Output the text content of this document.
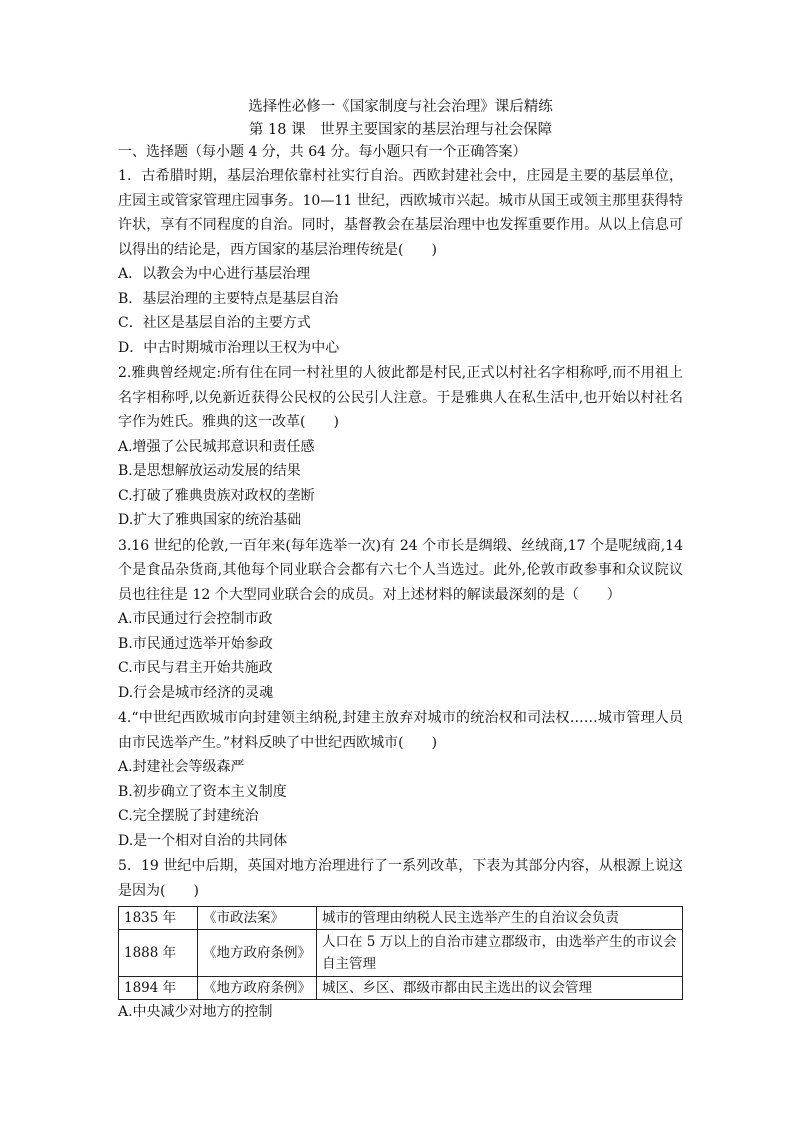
选择性必修一《国家制度与社会治理》课后精练

第 18 课　世界主要国家的基层治理与社会保障

一、选择题（每小题 4 分，共 64 分。每小题只有一个正确答案）

1．古希腊时期，基层治理依靠村社实行自治。西欧封建社会中，庄园是主要的基层单位，庄园主或管家管理庄园事务。10—11 世纪，西欧城市兴起。城市从国王或领主那里获得特许状，享有不同程度的自治。同时，基督教会在基层治理中也发挥重要作用。从以上信息可以得出的结论是，西方国家的基层治理传统是(　　)

A．以教会为中心进行基层治理

B．基层治理的主要特点是基层自治

C．社区是基层自治的主要方式

D．中古时期城市治理以王权为中心

2.雅典曾经规定:所有住在同一村社里的人彼此都是村民,正式以村社名字相称呼,而不用祖上名字相称呼,以免新近获得公民权的公民引人注意。于是雅典人在私生活中,也开始以村社名字作为姓氏。雅典的这一改革(　　)

A.增强了公民城邦意识和责任感

B.是思想解放运动发展的结果

C.打破了雅典贵族对政权的垄断

D.扩大了雅典国家的统治基础

3.16 世纪的伦敦,一百年来(每年选举一次)有 24 个市长是绸缎、丝绒商,17 个是呢绒商,14 个是食品杂货商,其他每个同业联合会都有六七个人当选过。此外,伦敦市政参事和众议院议员也往往是 12 个大型同业联合会的成员。对上述材料的解读最深刻的是（　　）

A.市民通过行会控制市政

B.市民通过选举开始参政

C.市民与君主开始共施政

D.行会是城市经济的灵魂

4.“中世纪西欧城市向封建领主纳税,封建主放弃对城市的统治权和司法权……城市管理人员由市民选举产生。”材料反映了中世纪西欧城市(　　)

A.封建社会等级森严

B.初步确立了资本主义制度

C.完全摆脱了封建统治

D.是一个相对自治的共同体

5．19 世纪中后期，英国对地方治理进行了一系列改革，下表为其部分内容，从根源上说这是因为(　　)

1835 年	《市政法案》	城市的管理由纳税人民主选举产生的自治议会负责
1888 年	《地方政府条例》	人口在 5 万以上的自治市建立郡级市，由选举产生的市议会自主管理
1894 年	《地方政府条例》	城区、乡区、郡级市都由民主选出的议会管理

A.中央减少对地方的控制
